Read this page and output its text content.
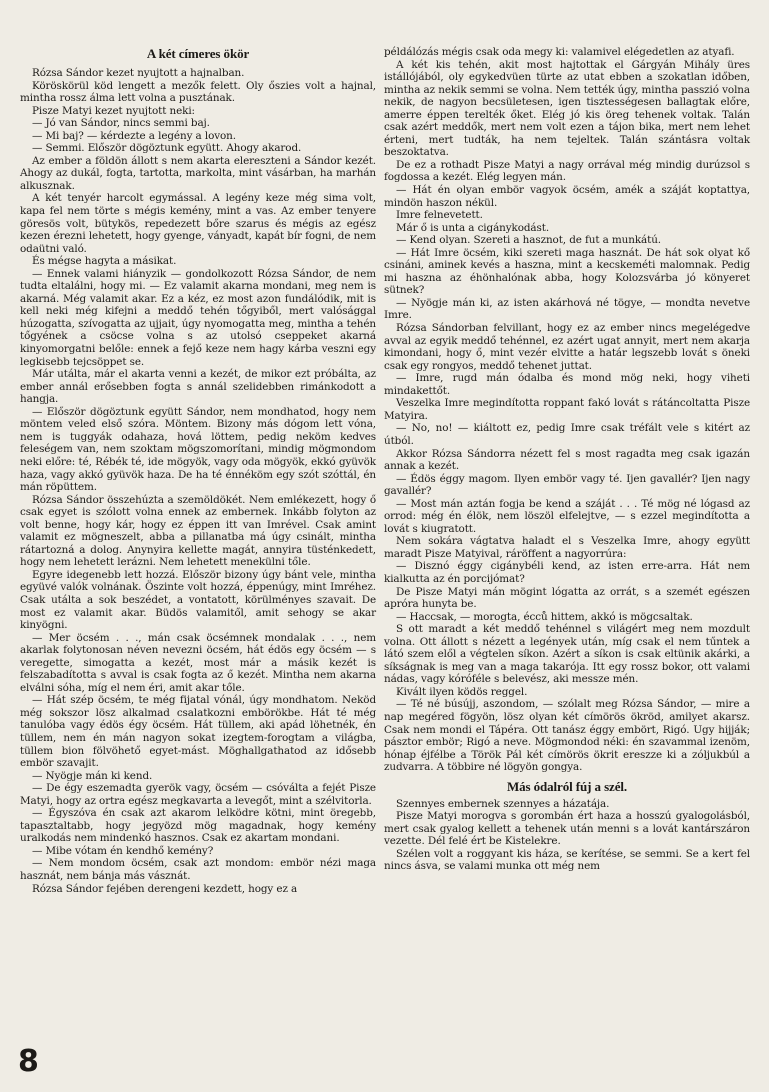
A két címeres ökör

Rózsa Sándor kezet nyujtott a hajnalban.

Köröskörül köd lengett a mezők felett. Oly őszies volt a hajnal, mintha rossz álma lett volna a pusztának.

Pisze Matyi kezet nyujtott neki:

— Jó van Sándor, nincs semmi baj.

— Mi baj? — kérdezte a legény a lovon.

— Semmi. Először dögöztunk együtt. Ahogy akarod.

Az ember a földön állott s nem akarta elereszteni a Sándor kezét. Ahogy az dukál, fogta, tartotta, markolta, mint vásárban, ha marhán alkusznak.

A két tenyér harcolt egymással. A legény keze még sima volt, kapa fel nem törte s mégis kemény, mint a vas. Az ember tenyere göresös volt, bütykös, repedezett bőre szarus és mégis az egész kezen érezni lehetett, hogy gyenge, ványadt, kapát bír fogni, de nem odaütni való.

És mégse hagyta a másikat.

— Ennek valami hiányzik — gondolkozott Rózsa Sándor, de nem tudta eltalálni, hogy mi. — Ez valamit akarna mondani, meg nem is akarná. Még valamit akar. Ez a kéz, ez most azon fundálódik, mit is kell neki még kifejni a meddő tehén tőgyiből, mert valósággal húzogatta, szívogatta az ujjait, úgy nyomogatta meg, mintha a tehén tőgyének a csöcse volna s az utolsó cseppeket akarná kinyomorgatni belőle: ennek a fejő keze nem hagy kárba veszni egy legkisebb tejcsöppet se.

Már utálta, már el akarta venni a kezét, de mikor ezt próbálta, az ember annál erősebben fogta s annál szelidebben rimánkodott a hangja.

— Először dögöztunk együtt Sándor, nem mondhatod, hogy nem möntem veled első szóra. Möntem. Bizony más dógom lett vóna, nem is tuggyák odahaza, hová löttem, pedig neköm kedves feleségem van, nem szoktam mögszomorítani, mindig mögmondom neki előre: té, Rébék té, ide mögyök, vagy oda mögyök, ekkó gyüvök haza, vagy akkó gyüvök haza. De ha té énnéköm egy szót szóttál, én mán röpüttem.

Rózsa Sándor összehúzta a szemöldökét. Nem emlékezett, hogy ő csak egyet is szólott volna ennek az embernek. Inkább folyton az volt benne, hogy kár, hogy ez éppen itt van Imrével. Csak amint valamit ez mögneszelt, abba a pillanatba má úgy csinált, mintha rátartozná a dolog. Anynyira kellette magát, annyira tüsténkedett, hogy nem lehetett lerázni. Nem lehetett menekülni tőle.

Egyre idegenebb lett hozzá. Először bizony úgy bánt vele, mintha együvé valók volnának. Öszinte volt hozzá, éppenúgy, mint Imréhez. Csak utálta a sok beszédet, a vontatott, körülményes szavait. De most ez valamit akar. Büdös valamitől, amit sehogy se akar kinyögni.

— Mer öcsém . . ., mán csak öcsémnek mondalak . . ., nem akarlak folytonosan néven nevezni öcsém, hát édös egy öcsém — s veregette, simogatta a kezét, most már a másik kezét is felszabadította s avval is csak fogta az ő kezét. Mintha nem akarna elválni sóha, míg el nem éri, amit akar tőle.

— Hát szép öcsém, te még fijatal vónál, úgy mondhatom. Neköd még sokszor lösz alkalmad csalatkozni embörökbe. Hát té még tanulóba vagy édös égy öcsém. Hát tüllem, aki apád löhetnék, én tüllem, nem én mán nagyon sokat izegtem-forogtam a világba, tüllem bion fölvöhető egyet-mást. Möghallgathatod az idősebb embör szavajit.

— Nyögje mán ki kend.

— De égy eszemadta gyerök vagy, öcsém — csóválta a fejét Pisze Matyi, hogy az ortra egész megkavarta a levegőt, mint a szélvitorla.

— Égyszóva én csak azt akarom lelködre kötni, mint öregebb, tapasztaltabb, hogy jegyözd mög magadnak, hogy kemény uralkodás nem mindenkó hasznos. Csak ez akartam mondani.

— Mibe vótam én kendhő kemény?

— Nem mondom öcsém, csak azt mondom: embör nézi maga hasznát, nem bánja más vásznát.

Rózsa Sándor fejében derengeni kezdett, hogy ez a

példálózás mégis csak oda megy ki: valamivel elégedetlen az atyafi.

A két kis tehén, akit most hajtottak el Gárgyán Mihály üres istállójából, oly egykedvüen türte az utat ebben a szokatlan időben, mintha az nekik semmi se volna. Nem tették úgy, mintha passzió volna nekik, de nagyon becsületesen, igen tisztességesen ballagtak előre, amerre éppen terelték őket. Elég jó kis öreg tehenek voltak. Talán csak azért meddők, mert nem volt ezen a tájon bika, mert nem lehet érteni, mert tudták, ha nem tejeltek. Talán szántásra voltak beszoktatva.

De ez a rothadt Pisze Matyi a nagy orrával még mindig durúzsol s fogdossa a kezét. Elég legyen mán.

— Hát én olyan embör vagyok öcsém, amék a száját koptattya, mindön haszon nékül.

Imre felnevetett.

Már ő is unta a cigánykodást.

— Kend olyan. Szereti a hasznot, de fut a munkátú.

— Hát Imre öcsém, kiki szereti maga hasznát. De hát sok olyat kő csináni, aminek kevés a haszna, mint a kecskeméti malomnak. Pedig mi haszna az éhönhalónak abba, hogy Kolozsvárba jó könyeret sütnek?

— Nyögje mán ki, az isten akárhová né tögye, — mondta nevetve Imre.

Rózsa Sándorban felvillant, hogy ez az ember nincs megelégedve avval az egyik meddő tehénnel, ez azért ugat annyit, mert nem akarja kimondani, hogy ő, mint vezér elvitte a határ legszebb lovát s öneki csak egy rongyos, meddő tehenet juttat.

— Imre, rugd mán ódalba és mond mög neki, hogy viheti mindakettőt.

Veszelka Imre megindította roppant fakó lovát s rátáncoltatta Pisze Matyira.

— No, no! — kiáltott ez, pedig Imre csak tréfált vele s kitért az útból.

Akkor Rózsa Sándorra nézett fel s most ragadta meg csak igazán annak a kezét.

— Édös éggy magom. Ilyen embör vagy té. Ijen gavallér? Ijen nagy gavallér?

— Most mán aztán fogja be kend a száját . . . Té mög né lógasd az orrod: még én élök, nem löszöl elfelejtve, — s ezzel megindította a lovát s kiugratott.

Nem sokára vágtatva haladt el s Veszelka Imre, ahogy együtt maradt Pisze Matyival, ráröffent a nagyorrúra:

— Disznó éggy cigánybéli kend, az isten erre-arra. Hát nem kialkutta az én porcijómat?

De Pisze Matyi mán mögint lógatta az orrát, s a szemét egészen apróra hunyta be.

— Haccsak, — morogta, écců hittem, akkó is mögcsaltak.

S ott maradt a két meddő tehénnel s világért meg nem mozdult volna. Ott állott s nézett a legények után, míg csak el nem tűntek a látó szem elől a végtelen síkon. Azért a síkon is csak eltünik akárki, a síkságnak is meg van a maga takarója. Itt egy rossz bokor, ott valami nádas, vagy kóróféle s belevész, aki messze mén.

Kivált ilyen ködös reggel.

— Té né búsújj, aszondom, — szólalt meg Rózsa Sándor, — mire a nap megéred fögyön, lösz olyan két címörös ökröd, amilyet akarsz. Csak nem mondi el Tápéra. Ott tanász éggy embört, Rigó. Ugy hijják; pásztor embör; Rigó a neve. Mögmondod néki: én szavammal izenöm, hónap éjfélbe a Török Pál két címörös ökrit ereszze ki a zóljukbúl a zudvarra. A többire né lögyön gongya.

Más ódalról fúj a szél.

Szennyes embernek szennyes a házatája.

Pisze Matyi morogva s gorombán ért haza a hosszú gyalogolásból, mert csak gyalog kellett a tehenek után menni s a lovát kantárszáron vezette. Dél felé ért be Kistelekre.

Szélen volt a roggyant kis háza, se kerítése, se semmi. Se a kert fel nincs ásva, se valami munka ott még nem

8
